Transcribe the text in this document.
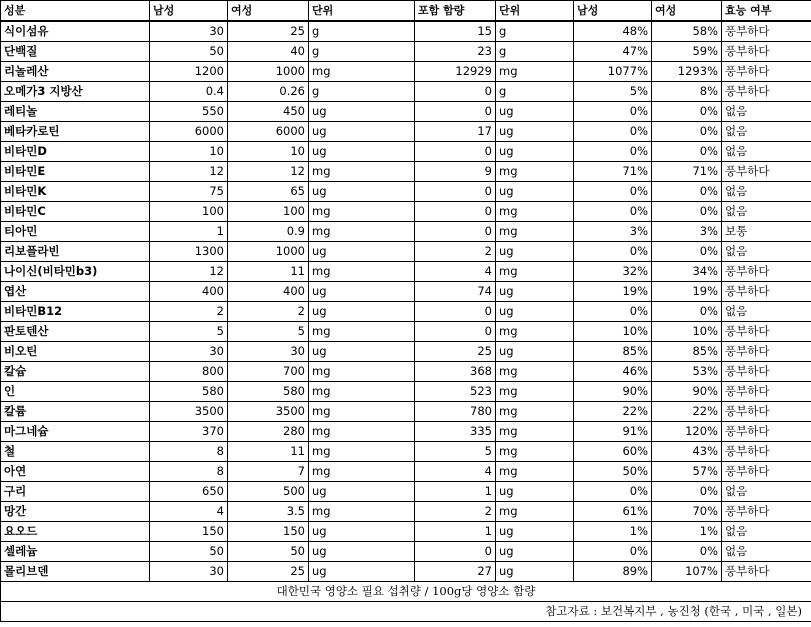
성분	남성	여성	단위	포함 함량	단위	남성	여성	효능 여부
식이섬유	30	25	g	15	g	48%	58%	풍부하다
단백질	50	40	g	23	g	47%	59%	풍부하다
리놀레산	1200	1000	mg	12929	mg	1077%	1293%	풍부하다
오메가3 지방산	0.4	0.26	g	0	g	5%	8%	풍부하다
레티놀	550	450	ug	0	ug	0%	0%	없음
베타카로틴	6000	6000	ug	17	ug	0%	0%	없음
비타민D	10	10	ug	0	ug	0%	0%	없음
비타민E	12	12	mg	9	mg	71%	71%	풍부하다
비타민K	75	65	ug	0	ug	0%	0%	없음
비타민C	100	100	mg	0	mg	0%	0%	없음
티아민	1	0.9	mg	0	mg	3%	3%	보통
리보플라빈	1300	1000	ug	2	ug	0%	0%	없음
나이신(비타민b3)	12	11	mg	4	mg	32%	34%	풍부하다
엽산	400	400	ug	74	ug	19%	19%	풍부하다
비타민B12	2	2	ug	0	ug	0%	0%	없음
판토텐산	5	5	mg	0	mg	10%	10%	풍부하다
비오틴	30	30	ug	25	ug	85%	85%	풍부하다
칼슘	800	700	mg	368	mg	46%	53%	풍부하다
인	580	580	mg	523	mg	90%	90%	풍부하다
칼륨	3500	3500	mg	780	mg	22%	22%	풍부하다
마그네슘	370	280	mg	335	mg	91%	120%	풍부하다
철	8	11	mg	5	mg	60%	43%	풍부하다
아연	8	7	mg	4	mg	50%	57%	풍부하다
구리	650	500	ug	1	ug	0%	0%	없음
망간	4	3.5	mg	2	mg	61%	70%	풍부하다
요오드	150	150	ug	1	ug	1%	1%	없음
셀레늄	50	50	ug	0	ug	0%	0%	없음
몰리브덴	30	25	ug	27	ug	89%	107%	풍부하다
대한민국 영양소 필요 섭취량 / 100g당 영양소 함량								
참고자료 : 보건복지부 , 농진청 (한국 , 미국 , 일본)								
